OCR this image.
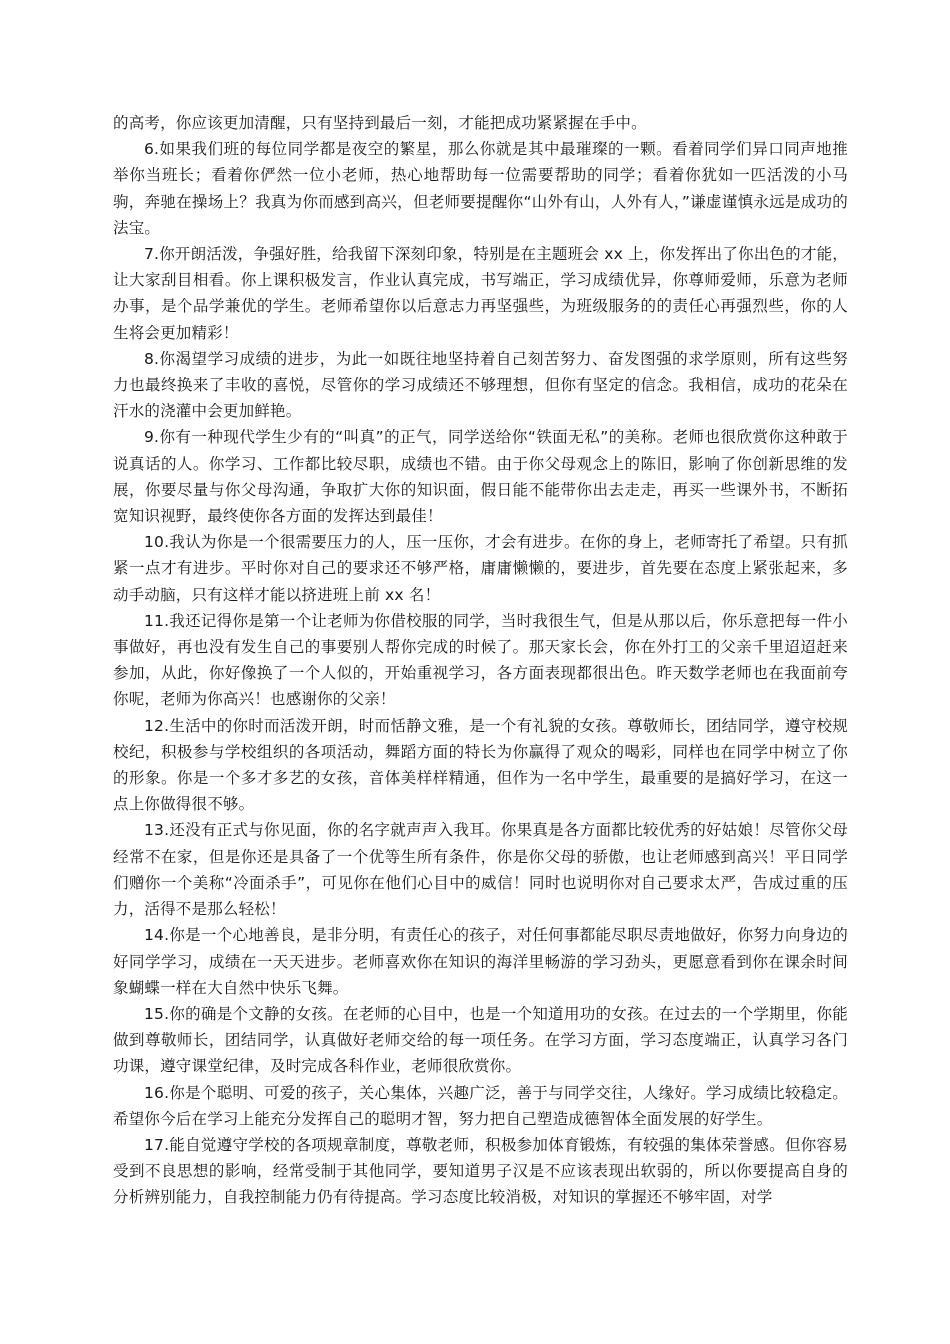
的高考，你应该更加清醒，只有坚持到最后一刻，才能把成功紧紧握在手中。

6.如果我们班的每位同学都是夜空的繁星，那么你就是其中最璀璨的一颗。看着同学们异口同声地推举你当班长；看着你俨然一位小老师，热心地帮助每一位需要帮助的同学；看着你犹如一匹活泼的小马驹，奔驰在操场上？我真为你而感到高兴，但老师要提醒你“山外有山，人外有人，”谦虚谨慎永远是成功的法宝。

7.你开朗活泼，争强好胜，给我留下深刻印象，特别是在主题班会 xx 上，你发挥出了你出色的才能，让大家刮目相看。你上课积极发言，作业认真完成，书写端正，学习成绩优异，你尊师爱师，乐意为老师办事，是个品学兼优的学生。老师希望你以后意志力再坚强些，为班级服务的的责任心再强烈些，你的人生将会更加精彩！

8.你渴望学习成绩的进步，为此一如既往地坚持着自己刻苦努力、奋发图强的求学原则，所有这些努力也最终换来了丰收的喜悦，尽管你的学习成绩还不够理想，但你有坚定的信念。我相信，成功的花朵在汗水的浇灌中会更加鲜艳。

9.你有一种现代学生少有的“叫真”的正气，同学送给你“铁面无私”的美称。老师也很欣赏你这种敢于说真话的人。你学习、工作都比较尽职，成绩也不错。由于你父母观念上的陈旧，影响了你创新思维的发展，你要尽量与你父母沟通，争取扩大你的知识面，假日能不能带你出去走走，再买一些课外书，不断拓宽知识视野，最终使你各方面的发挥达到最佳！

10.我认为你是一个很需要压力的人，压一压你，才会有进步。在你的身上，老师寄托了希望。只有抓紧一点才有进步。平时你对自己的要求还不够严格，庸庸懒懒的，要进步，首先要在态度上紧张起来，多动手动脑，只有这样才能以挤进班上前 xx 名！

11.我还记得你是第一个让老师为你借校服的同学，当时我很生气，但是从那以后，你乐意把每一件小事做好，再也没有发生自己的事要别人帮你完成的时候了。那天家长会，你在外打工的父亲千里迢迢赶来参加，从此，你好像换了一个人似的，开始重视学习，各方面表现都很出色。昨天数学老师也在我面前夸你呢，老师为你高兴！也感谢你的父亲！

12.生活中的你时而活泼开朗，时而恬静文雅，是一个有礼貌的女孩。尊敬师长，团结同学，遵守校规校纪，积极参与学校组织的各项活动，舞蹈方面的特长为你赢得了观众的喝彩，同样也在同学中树立了你的形象。你是一个多才多艺的女孩，音体美样样精通，但作为一名中学生，最重要的是搞好学习，在这一点上你做得很不够。

13.还没有正式与你见面，你的名字就声声入我耳。你果真是各方面都比较优秀的好姑娘！尽管你父母经常不在家，但是你还是具备了一个优等生所有条件，你是你父母的骄傲，也让老师感到高兴！平日同学们赠你一个美称“冷面杀手”，可见你在他们心目中的威信！同时也说明你对自己要求太严，告成过重的压力，活得不是那么轻松！

14.你是一个心地善良，是非分明，有责任心的孩子，对任何事都能尽职尽责地做好，你努力向身边的好同学学习，成绩在一天天进步。老师喜欢你在知识的海洋里畅游的学习劲头，更愿意看到你在课余时间象蝴蝶一样在大自然中快乐飞舞。

15.你的确是个文静的女孩。在老师的心目中，也是一个知道用功的女孩。在过去的一个学期里，你能做到尊敬师长，团结同学，认真做好老师交给的每一项任务。在学习方面，学习态度端正，认真学习各门功课，遵守课堂纪律，及时完成各科作业，老师很欣赏你。

16.你是个聪明、可爱的孩子，关心集体，兴趣广泛，善于与同学交往，人缘好。学习成绩比较稳定。希望你今后在学习上能充分发挥自己的聪明才智，努力把自己塑造成德智体全面发展的好学生。

17.能自觉遵守学校的各项规章制度，尊敬老师，积极参加体育锻炼，有较强的集体荣誉感。但你容易受到不良思想的影响，经常受制于其他同学，要知道男子汉是不应该表现出软弱的，所以你要提高自身的分析辨别能力，自我控制能力仍有待提高。学习态度比较消极，对知识的掌握还不够牢固，对学
